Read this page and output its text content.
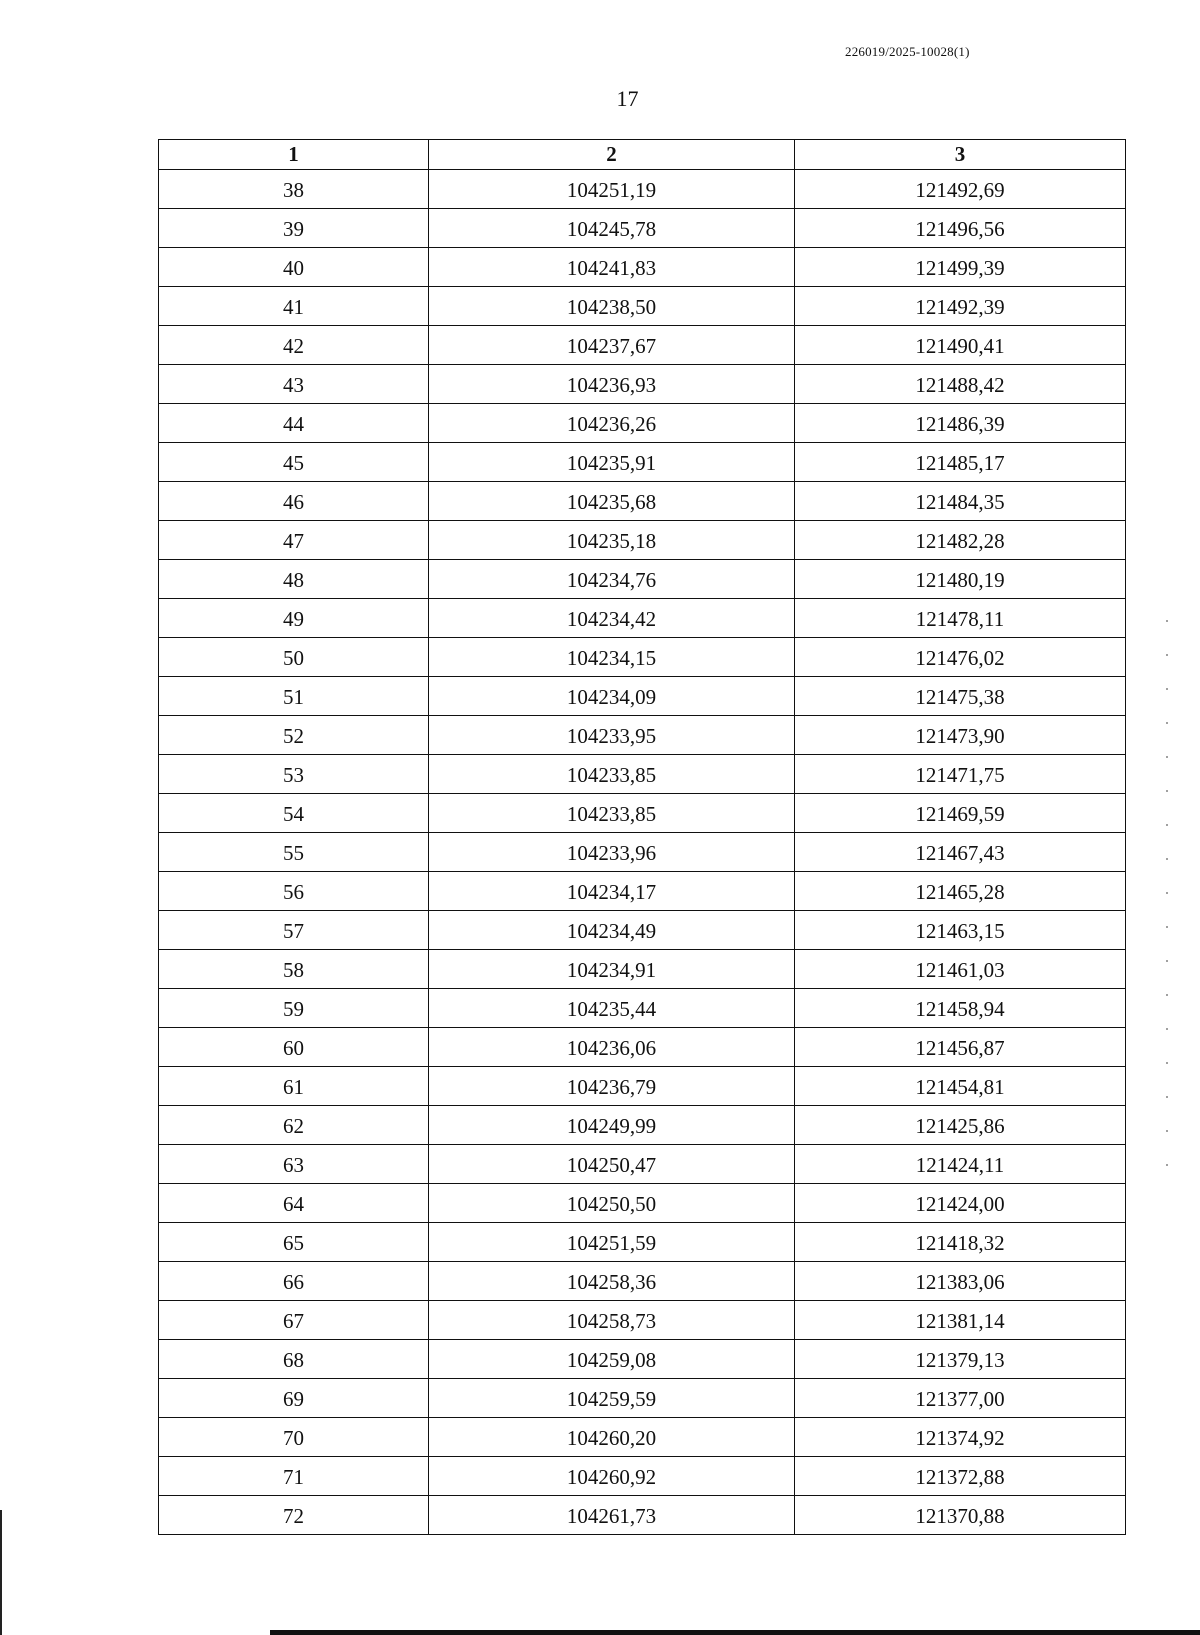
226019/2025-10028(1)
17
1	2	3
38	104251,19	121492,69
39	104245,78	121496,56
40	104241,83	121499,39
41	104238,50	121492,39
42	104237,67	121490,41
43	104236,93	121488,42
44	104236,26	121486,39
45	104235,91	121485,17
46	104235,68	121484,35
47	104235,18	121482,28
48	104234,76	121480,19
49	104234,42	121478,11
50	104234,15	121476,02
51	104234,09	121475,38
52	104233,95	121473,90
53	104233,85	121471,75
54	104233,85	121469,59
55	104233,96	121467,43
56	104234,17	121465,28
57	104234,49	121463,15
58	104234,91	121461,03
59	104235,44	121458,94
60	104236,06	121456,87
61	104236,79	121454,81
62	104249,99	121425,86
63	104250,47	121424,11
64	104250,50	121424,00
65	104251,59	121418,32
66	104258,36	121383,06
67	104258,73	121381,14
68	104259,08	121379,13
69	104259,59	121377,00
70	104260,20	121374,92
71	104260,92	121372,88
72	104261,73	121370,88
